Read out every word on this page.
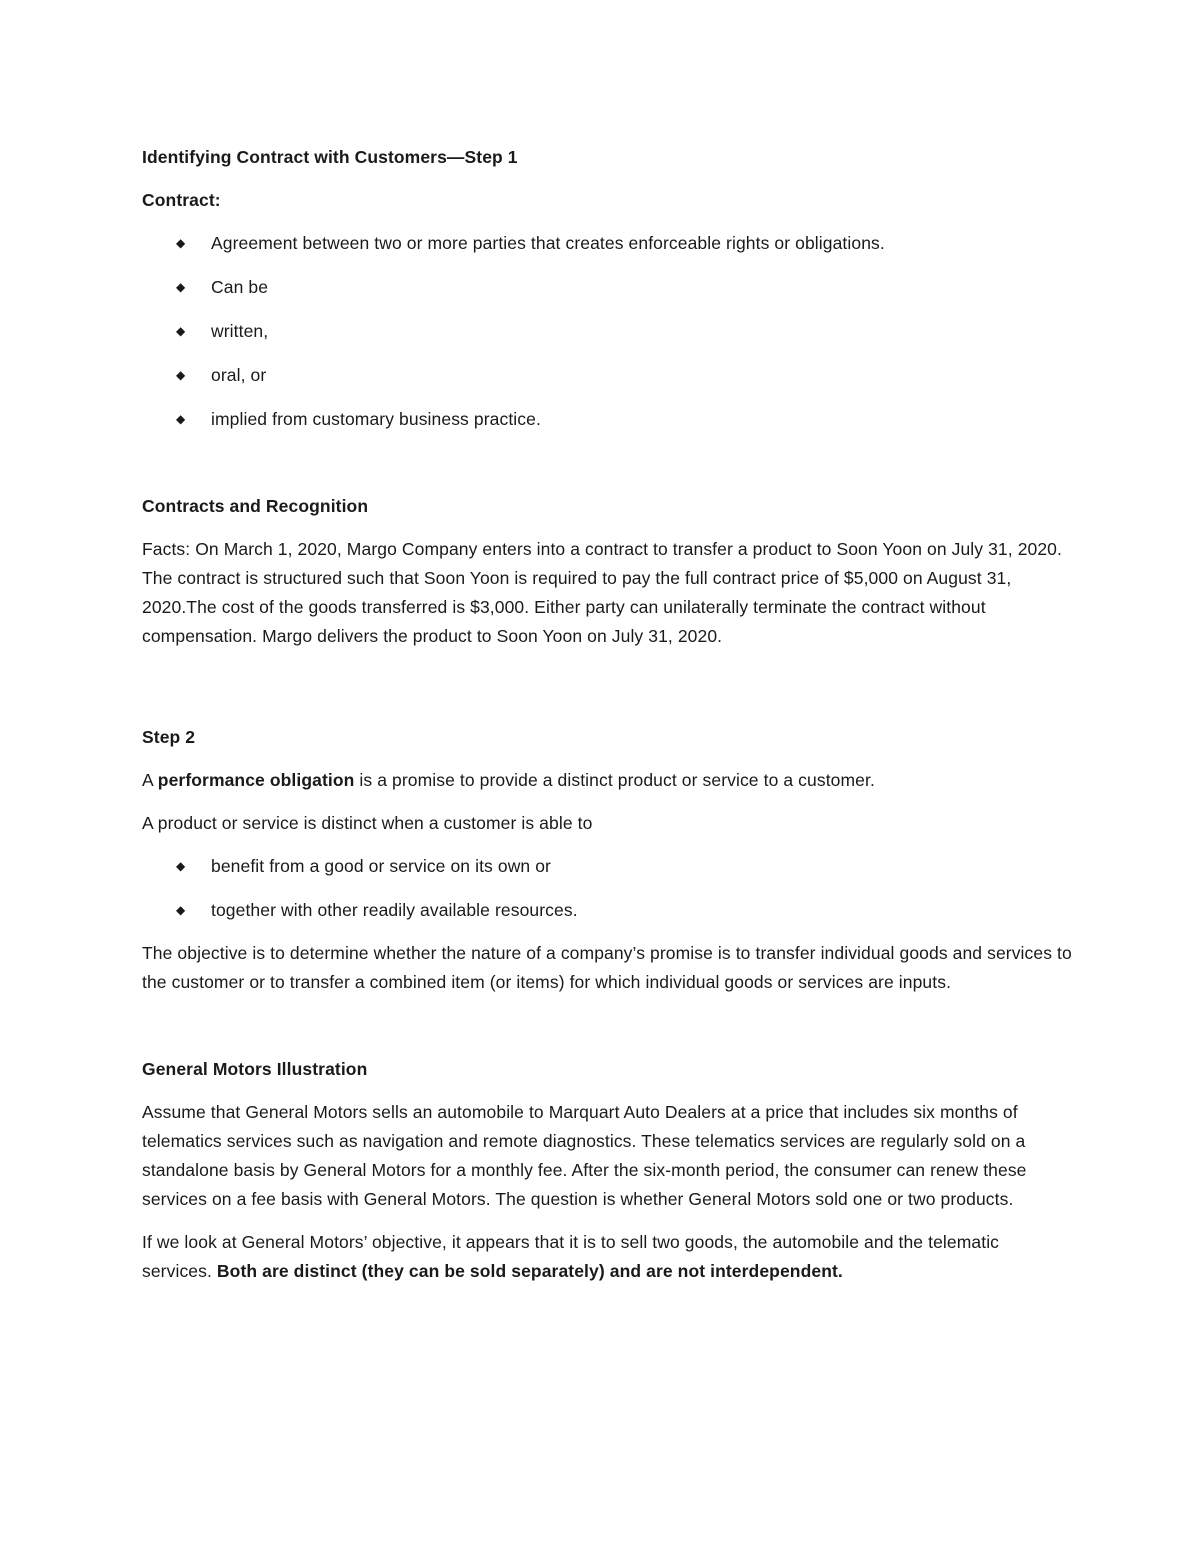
Identifying Contract with Customers—Step 1

Contract:

◆ Agreement between two or more parties that creates enforceable rights or obligations.
◆ Can be
◆ written,
◆ oral, or
◆ implied from customary business practice.

Contracts and Recognition

Facts: On March 1, 2020, Margo Company enters into a contract to transfer a product to Soon Yoon on July 31, 2020. The contract is structured such that Soon Yoon is required to pay the full contract price of $5,000 on August 31, 2020.The cost of the goods transferred is $3,000. Either party can unilaterally terminate the contract without compensation. Margo delivers the product to Soon Yoon on July 31, 2020.

Step 2

A performance obligation is a promise to provide a distinct product or service to a customer.

A product or service is distinct when a customer is able to

◆ benefit from a good or service on its own or
◆ together with other readily available resources.

The objective is to determine whether the nature of a company’s promise is to transfer individual goods and services to the customer or to transfer a combined item (or items) for which individual goods or services are inputs.

General Motors Illustration

Assume that General Motors sells an automobile to Marquart Auto Dealers at a price that includes six months of telematics services such as navigation and remote diagnostics. These telematics services are regularly sold on a standalone basis by General Motors for a monthly fee. After the six-month period, the consumer can renew these services on a fee basis with General Motors. The question is whether General Motors sold one or two products.

If we look at General Motors’ objective, it appears that it is to sell two goods, the automobile and the telematic services. Both are distinct (they can be sold separately) and are not interdependent.
